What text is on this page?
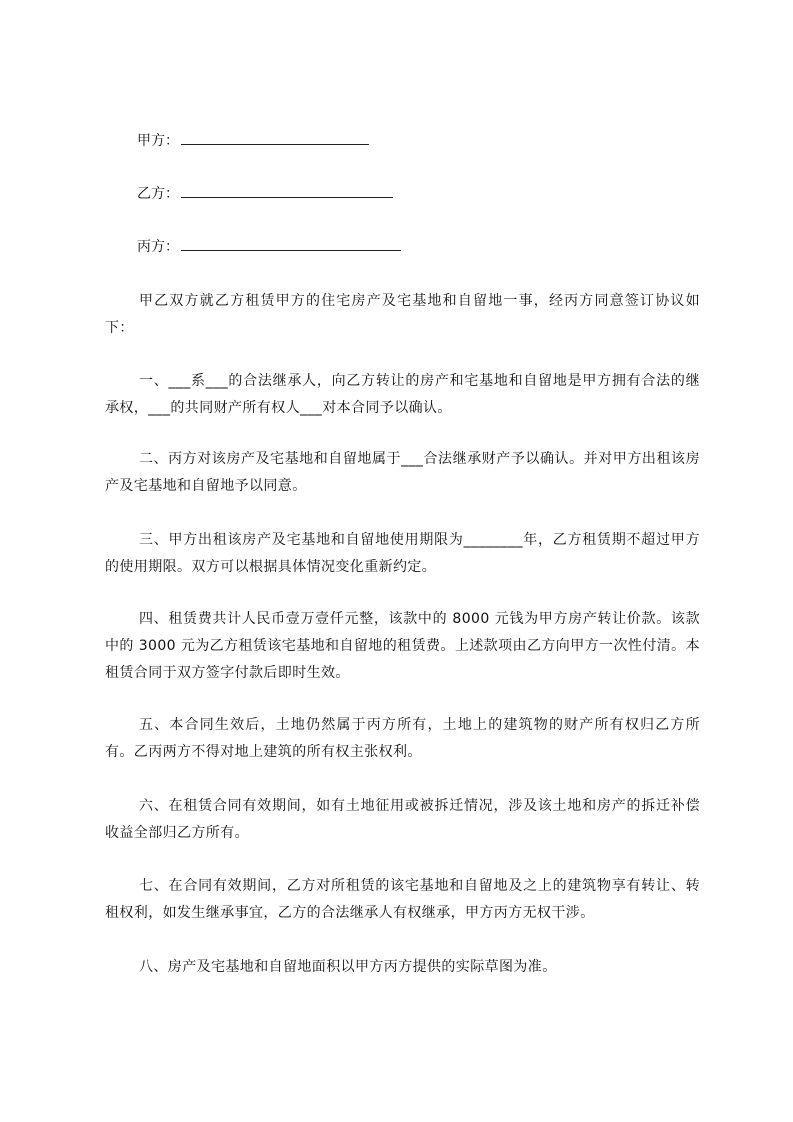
甲方：
乙方：
丙方：

甲乙双方就乙方租赁甲方的住宅房产及宅基地和自留地一事，经丙方同意签订协议如下：

一、___系___的合法继承人，向乙方转让的房产和宅基地和自留地是甲方拥有合法的继承权，___的共同财产所有权人___对本合同予以确认。

二、丙方对该房产及宅基地和自留地属于___合法继承财产予以确认。并对甲方出租该房产及宅基地和自留地予以同意。

三、甲方出租该房产及宅基地和自留地使用期限为________年，乙方租赁期不超过甲方的使用期限。双方可以根据具体情况变化重新约定。

四、租赁费共计人民币壹万壹仟元整，该款中的 8000 元钱为甲方房产转让价款。该款中的 3000 元为乙方租赁该宅基地和自留地的租赁费。上述款项由乙方向甲方一次性付清。本租赁合同于双方签字付款后即时生效。

五、本合同生效后，土地仍然属于丙方所有，土地上的建筑物的财产所有权归乙方所有。乙丙两方不得对地上建筑的所有权主张权利。

六、在租赁合同有效期间，如有土地征用或被拆迁情况，涉及该土地和房产的拆迁补偿收益全部归乙方所有。

七、在合同有效期间，乙方对所租赁的该宅基地和自留地及之上的建筑物享有转让、转租权利，如发生继承事宜，乙方的合法继承人有权继承，甲方丙方无权干涉。

八、房产及宅基地和自留地面积以甲方丙方提供的实际草图为准。
